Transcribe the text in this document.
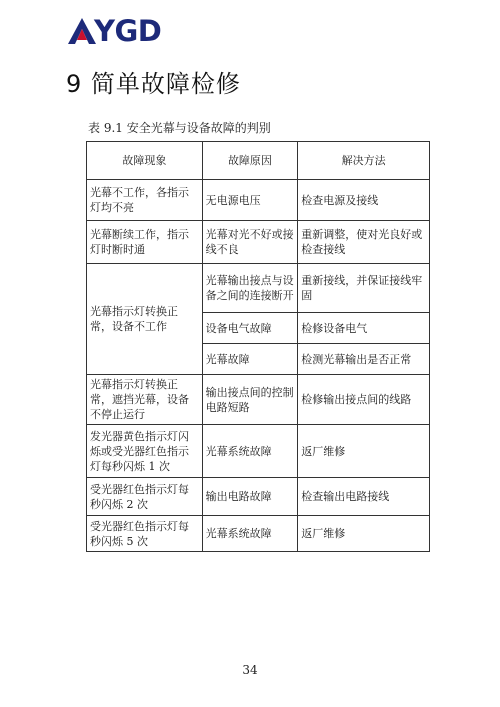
YGD
9 简单故障检修
表 9.1 安全光幕与设备故障的判别
故障现象	故障原因	解决方法
光幕不工作，各指示灯均不亮	无电源电压	检查电源及接线
光幕断续工作，指示灯时断时通	光幕对光不好或接线不良	重新调整，使对光良好或检查接线
光幕指示灯转换正常，设备不工作	光幕输出接点与设备之间的连接断开	重新接线，并保证接线牢固
	设备电气故障	检修设备电气
	光幕故障	检测光幕输出是否正常
光幕指示灯转换正常，遮挡光幕，设备不停止运行	输出接点间的控制电路短路	检修输出接点间的线路
发光器黄色指示灯闪烁或受光器红色指示灯每秒闪烁 1 次	光幕系统故障	返厂维修
受光器红色指示灯每秒闪烁 2 次	输出电路故障	检查输出电路接线
受光器红色指示灯每秒闪烁 5 次	光幕系统故障	返厂维修
34
